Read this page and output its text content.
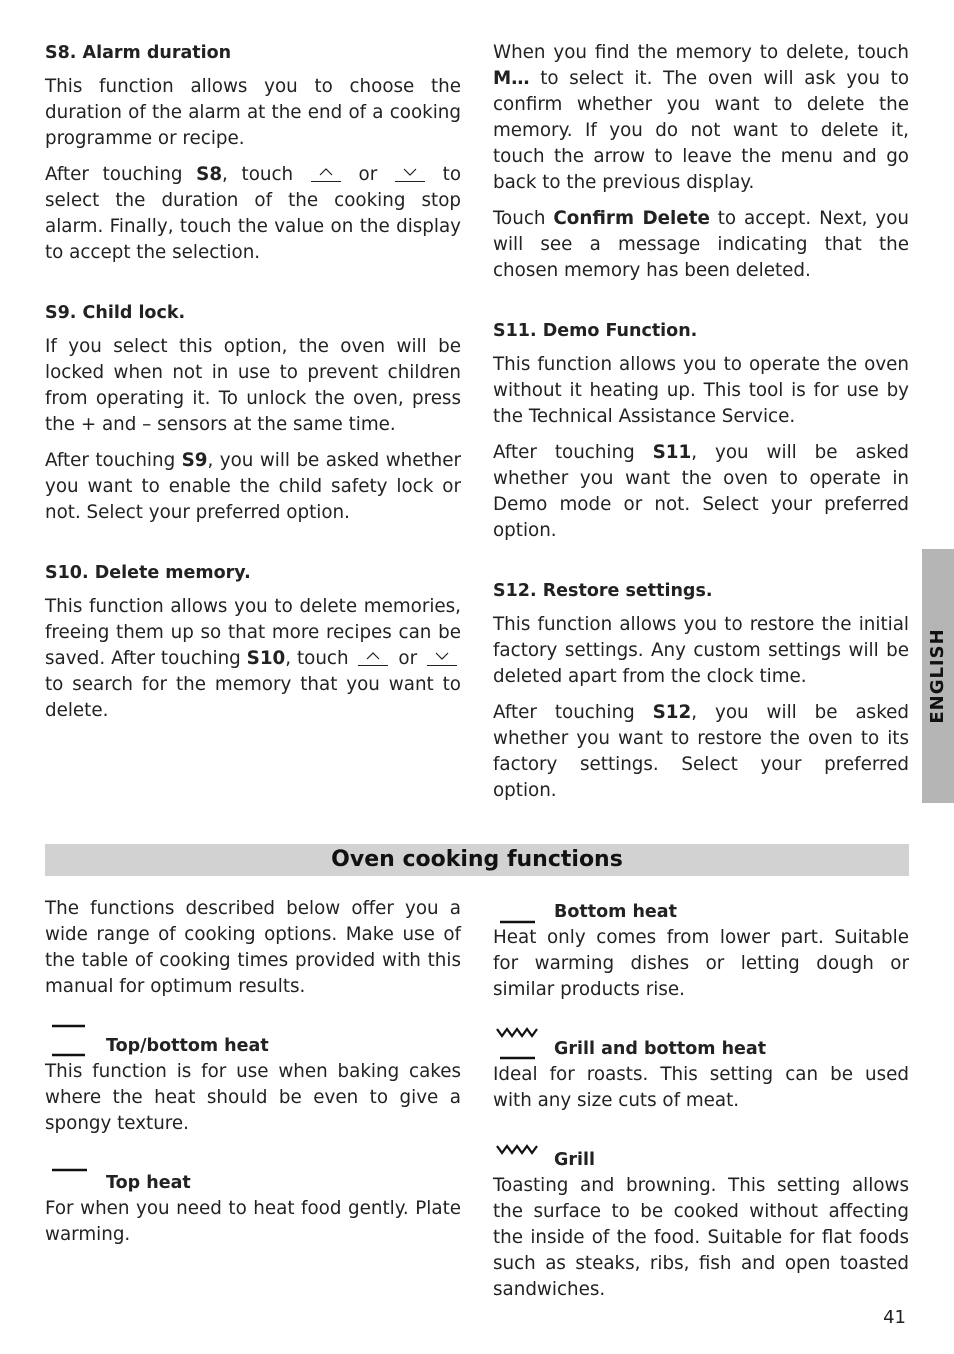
S8. Alarm duration

This function allows you to choose the duration of the alarm at the end of a cooking programme or recipe.

After touching S8, touch	or	to select the duration of the cooking stop alarm. Finally, touch the value on the display to accept the selection.

S9. Child lock.

If you select this option, the oven will be locked when not in use to prevent children from operating it. To unlock the oven, press the + and – sensors at the same time.

After touching S9, you will be asked whether you want to enable the child safety lock or not. Select your preferred option.

S10. Delete memory.

This function allows you to delete memories, freeing them up so that more recipes can be saved. After touching S10, touch	or
to search for the memory that you want to delete.

When you find the memory to delete, touch M… to select it. The oven will ask you to confirm whether you want to delete the memory. If you do not want to delete it, touch the arrow to leave the menu and go back to the previous display.

Touch Confirm Delete to accept. Next, you will see a message indicating that the chosen memory has been deleted.

S11. Demo Function.

This function allows you to operate the oven without it heating up. This tool is for use by the Technical Assistance Service.

After touching S11, you will be asked whether you want the oven to operate in Demo mode or not. Select your preferred option.

S12. Restore settings.

This function allows you to restore the initial factory settings. Any custom settings will be deleted apart from the clock time.

After touching S12, you will be asked whether you want to restore the oven to its factory settings. Select your preferred option.

ENGLISH
Oven cooking functions

The functions described below offer you a wide range of cooking options. Make use of the table of cooking times provided with this manual for optimum results.

Top/bottom heat

This function is for use when baking cakes where the heat should be even to give a spongy texture.

Top heat

For when you need to heat food gently. Plate warming.

Bottom heat

Heat only comes from lower part. Suitable for warming dishes or letting dough or similar products rise.

Grill and bottom heat

Ideal for roasts. This setting can be used with any size cuts of meat.

Grill

Toasting and browning. This setting allows the surface to be cooked without affecting the inside of the food. Suitable for flat foods such as steaks, ribs, fish and open toasted sandwiches.

41
